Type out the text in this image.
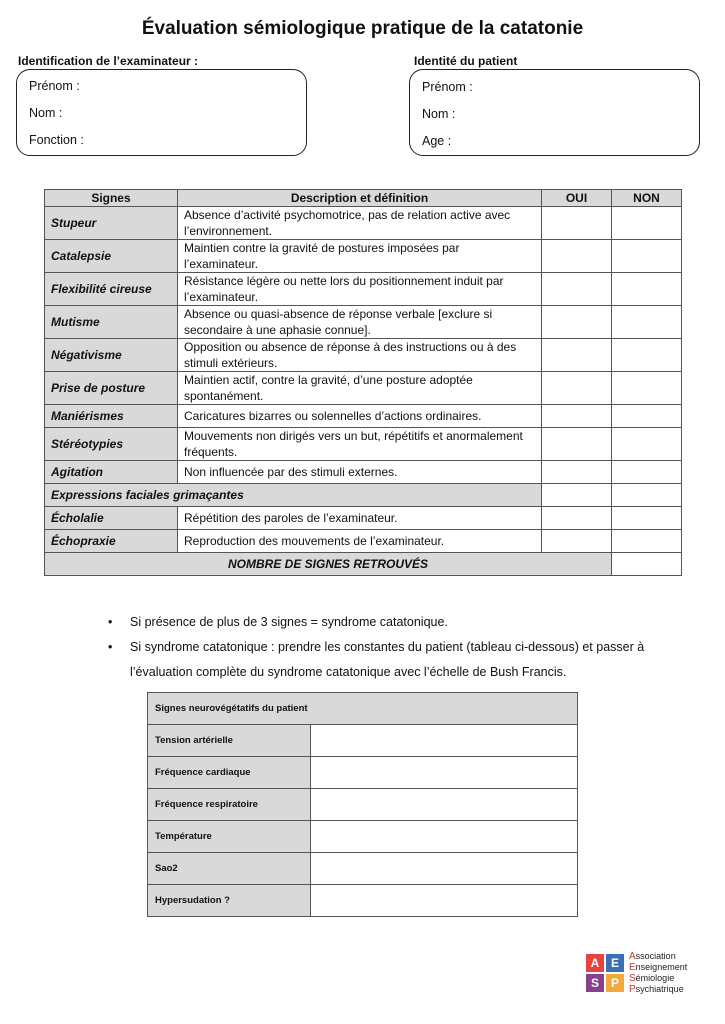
Évaluation sémiologique pratique de la catatonie
Identification de l’examinateur :
Prénom :
Nom :
Fonction :
Identité du patient
Prénom :
Nom :
Age :
Signes	Description et définition	OUI	NON
Stupeur	Absence d’activité psychomotrice, pas de relation active avec l’environnement.		
Catalepsie	Maintien contre la gravité de postures imposées par l’examinateur.		
Flexibilité cireuse	Résistance légère ou nette lors du positionnement induit par l’examinateur.		
Mutisme	Absence ou quasi-absence de réponse verbale [exclure si secondaire à une aphasie connue].		
Négativisme	Opposition ou absence de réponse à des instructions ou à des stimuli extérieurs.		
Prise de posture	Maintien actif, contre la gravité, d’une posture adoptée spontanément.		
Maniérismes	Caricatures bizarres ou solennelles d’actions ordinaires.		
Stéréotypies	Mouvements non dirigés vers un but, répétitifs et anormalement fréquents.		
Agitation	Non influencée par des stimuli externes.		
Expressions faciales grimaçantes			
Écholalie	Répétition des paroles de l’examinateur.		
Échopraxie	Reproduction des mouvements de l’examinateur.		
NOMBRE DE SIGNES RETROUVÉS			
• Si présence de plus de 3 signes = syndrome catatonique.
• Si syndrome catatonique : prendre les constantes du patient (tableau ci-dessous) et passer à l’évaluation complète du syndrome catatonique avec l’échelle de Bush Francis.
Signes neurovégétatifs du patient	
Tension artérielle	
Fréquence cardiaque	
Fréquence respiratoire	
Température	
Sao2	
Hypersudation ?	
A E
S P
Association
Enseignement
Sémiologie
Psychiatrique
